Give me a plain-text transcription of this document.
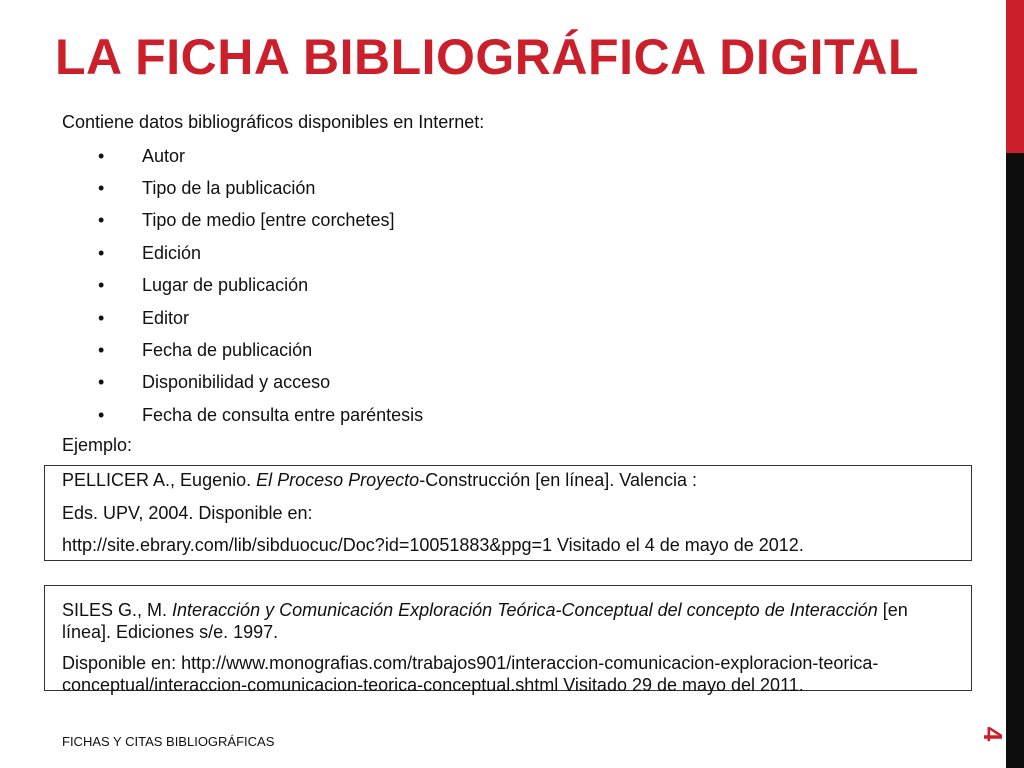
LA FICHA BIBLIOGRÁFICA DIGITAL
Contiene datos bibliográficos disponibles en Internet:
•	Autor
•	Tipo de la publicación
•	Tipo de medio [entre corchetes]
•	Edición
•	Lugar de publicación
•	Editor
•	Fecha de publicación
•	Disponibilidad y acceso
•	Fecha de consulta entre paréntesis
Ejemplo:
PELLICER A., Eugenio. El Proceso Proyecto-Construcción [en línea]. Valencia :
Eds. UPV, 2004. Disponible en:
http://site.ebrary.com/lib/sibduocuc/Doc?id=10051883&ppg=1 Visitado el 4 de mayo de 2012.
SILES G., M. Interacción y Comunicación Exploración Teórica-Conceptual del concepto de Interacción [en línea]. Ediciones s/e. 1997.
Disponible en: http://www.monografias.com/trabajos901/interaccion-comunicacion-exploracion-teorica-conceptual/interaccion-comunicacion-teorica-conceptual.shtml Visitado 29 de mayo del 2011.
FICHAS Y CITAS BIBLIOGRÁFICAS	4
